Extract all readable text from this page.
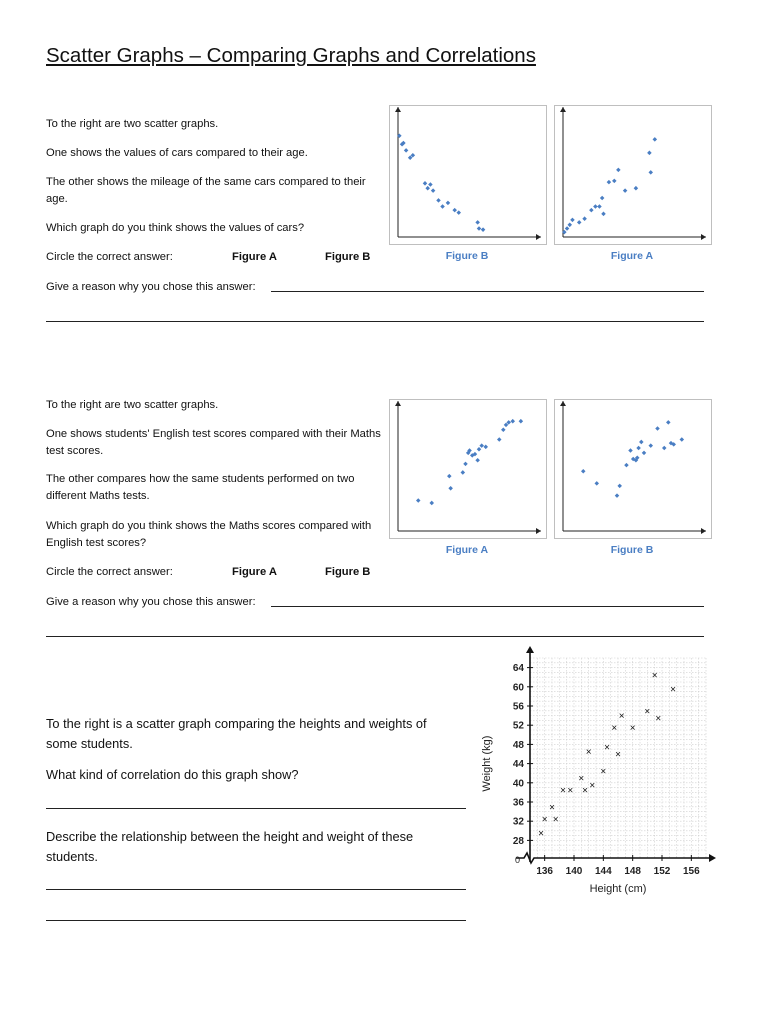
Scatter Graphs – Comparing Graphs and Correlations
To the right are two scatter graphs.
One shows the values of cars compared to their age.
The other shows the mileage of the same cars compared to their age.
Which graph do you think shows the values of cars?
Circle the correct answer:	Figure A	Figure B
Give a reason why you chose this answer:
Figure B	Figure A
To the right are two scatter graphs.
One shows students' English test scores compared with their Maths test scores.
The other compares how the same students performed on two different Maths tests.
Which graph do you think shows the Maths scores compared with English test scores?
Circle the correct answer:	Figure A	Figure B
Give a reason why you chose this answer:
Figure A	Figure B
To the right is a scatter graph comparing the heights and weights of some students.
What kind of correlation do this graph show?
Describe the relationship between the height and weight of these students.
136 140 144 148 152 156
28
32
36
40
44
48
52
56
60
64
0
Height (cm)
Weight (kg)
×
×
×
×
× ×
×
×
×
×
×
×
×
×
×
×
×
×
×
×
